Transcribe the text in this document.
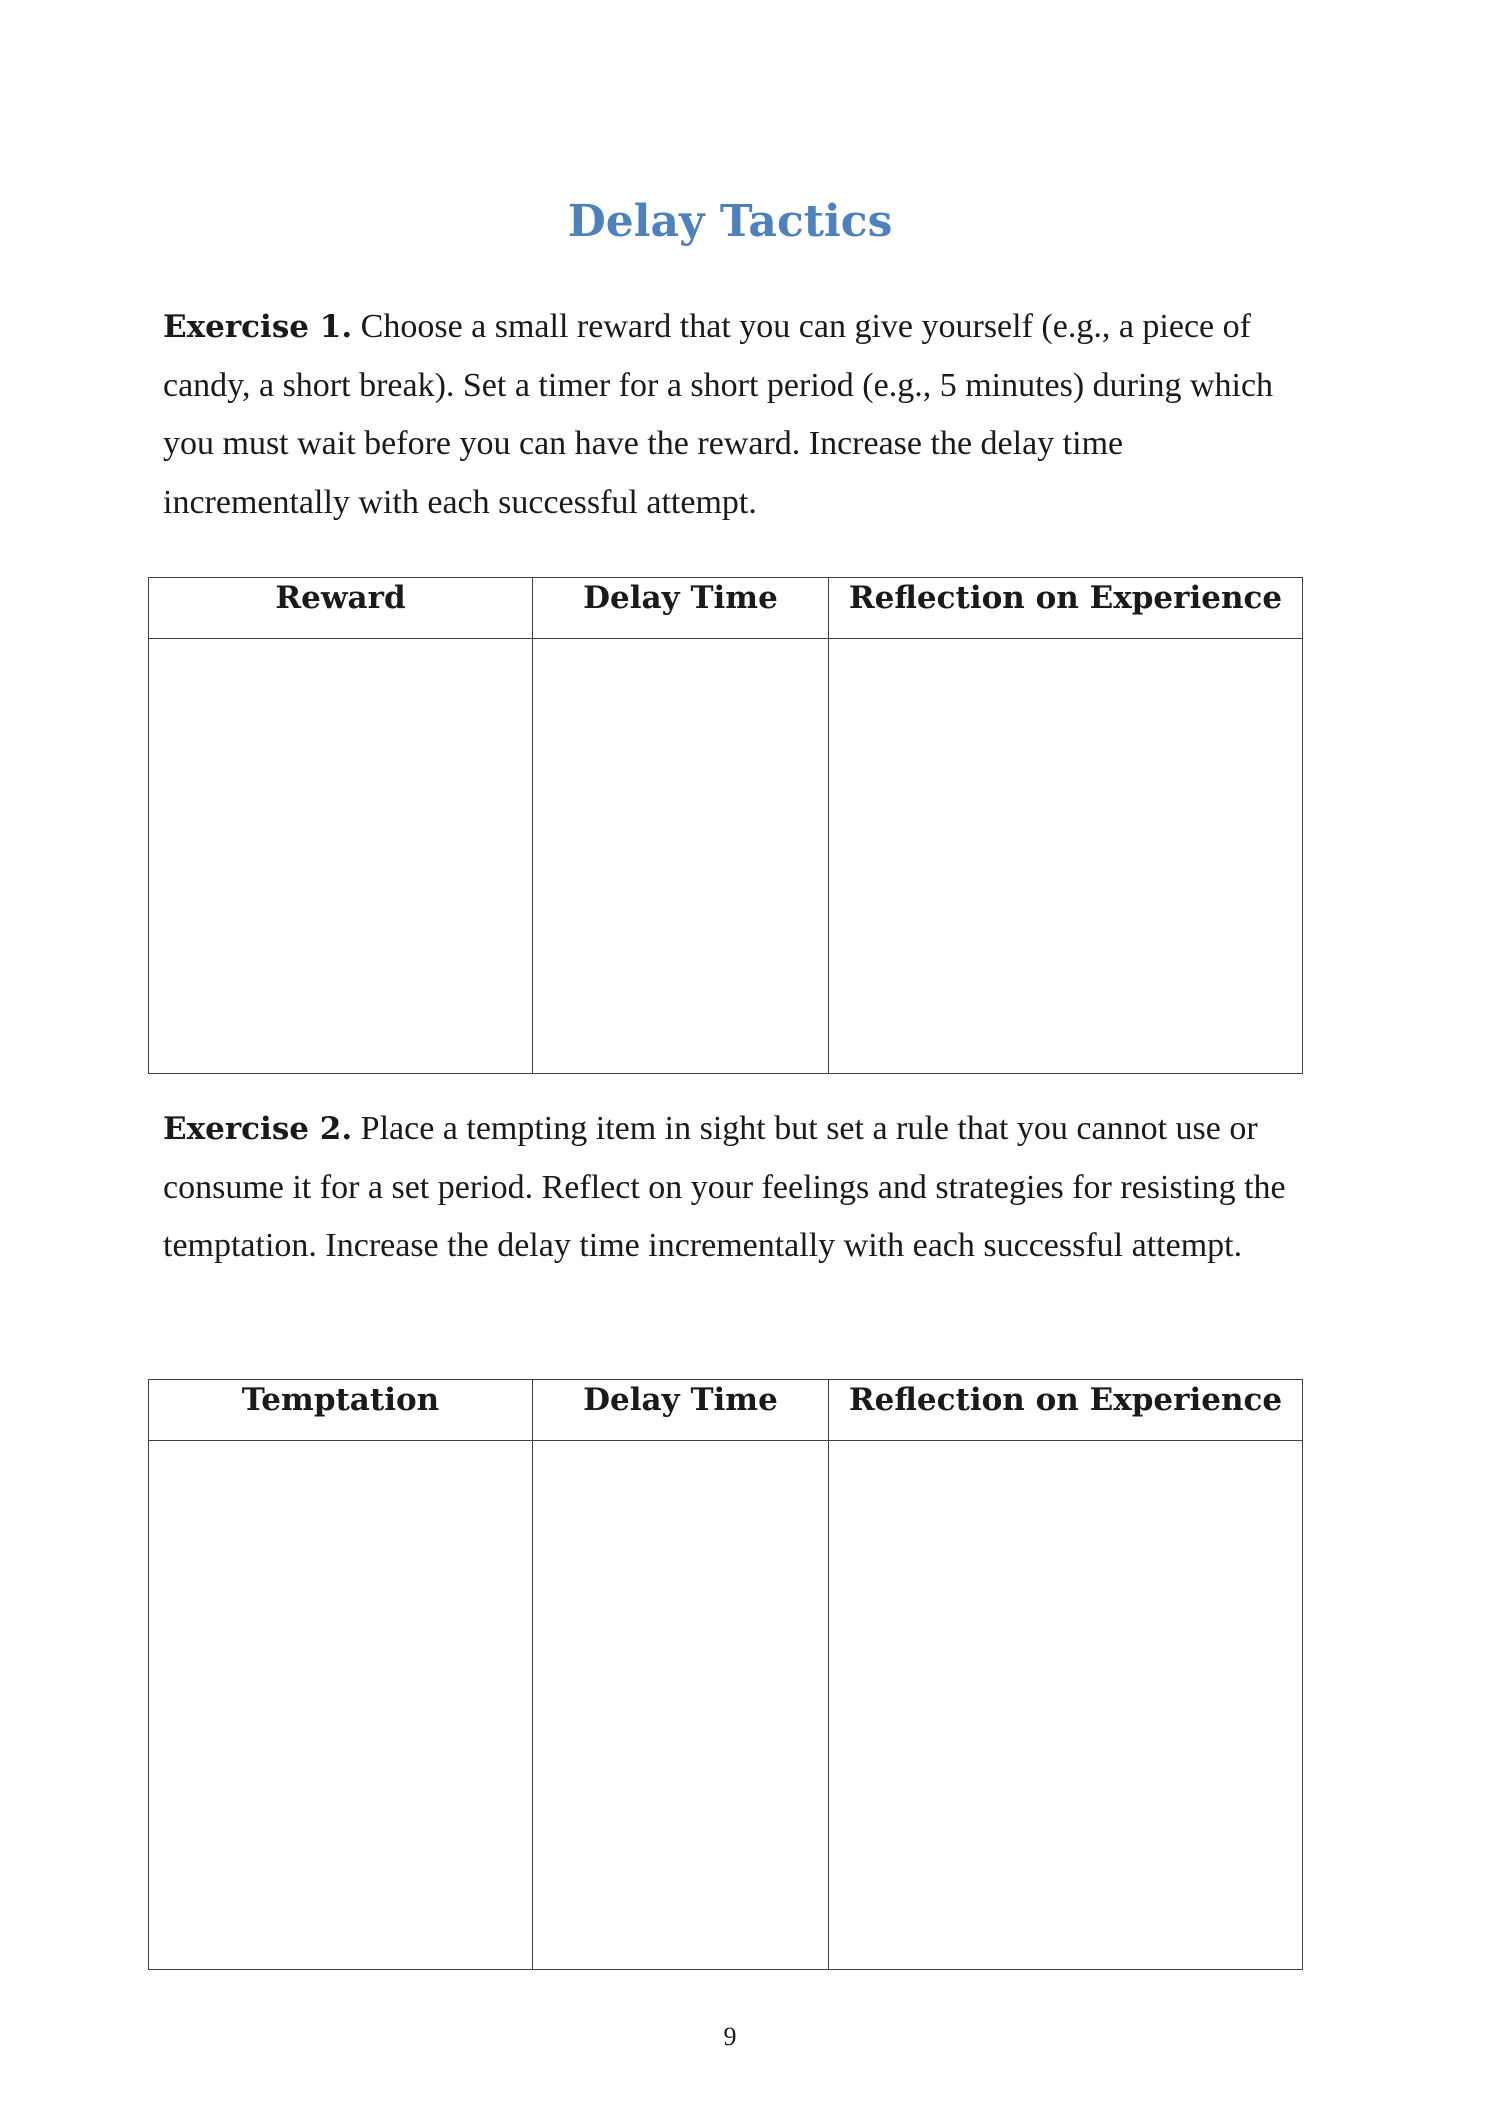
Delay Tactics

Exercise 1. Choose a small reward that you can give yourself (e.g., a piece of candy, a short break). Set a timer for a short period (e.g., 5 minutes) during which you must wait before you can have the reward. Increase the delay time incrementally with each successful attempt.

Reward	Delay Time	Reflection on Experience

Exercise 2. Place a tempting item in sight but set a rule that you cannot use or consume it for a set period. Reflect on your feelings and strategies for resisting the temptation. Increase the delay time incrementally with each successful attempt.

Temptation	Delay Time	Reflection on Experience

9
